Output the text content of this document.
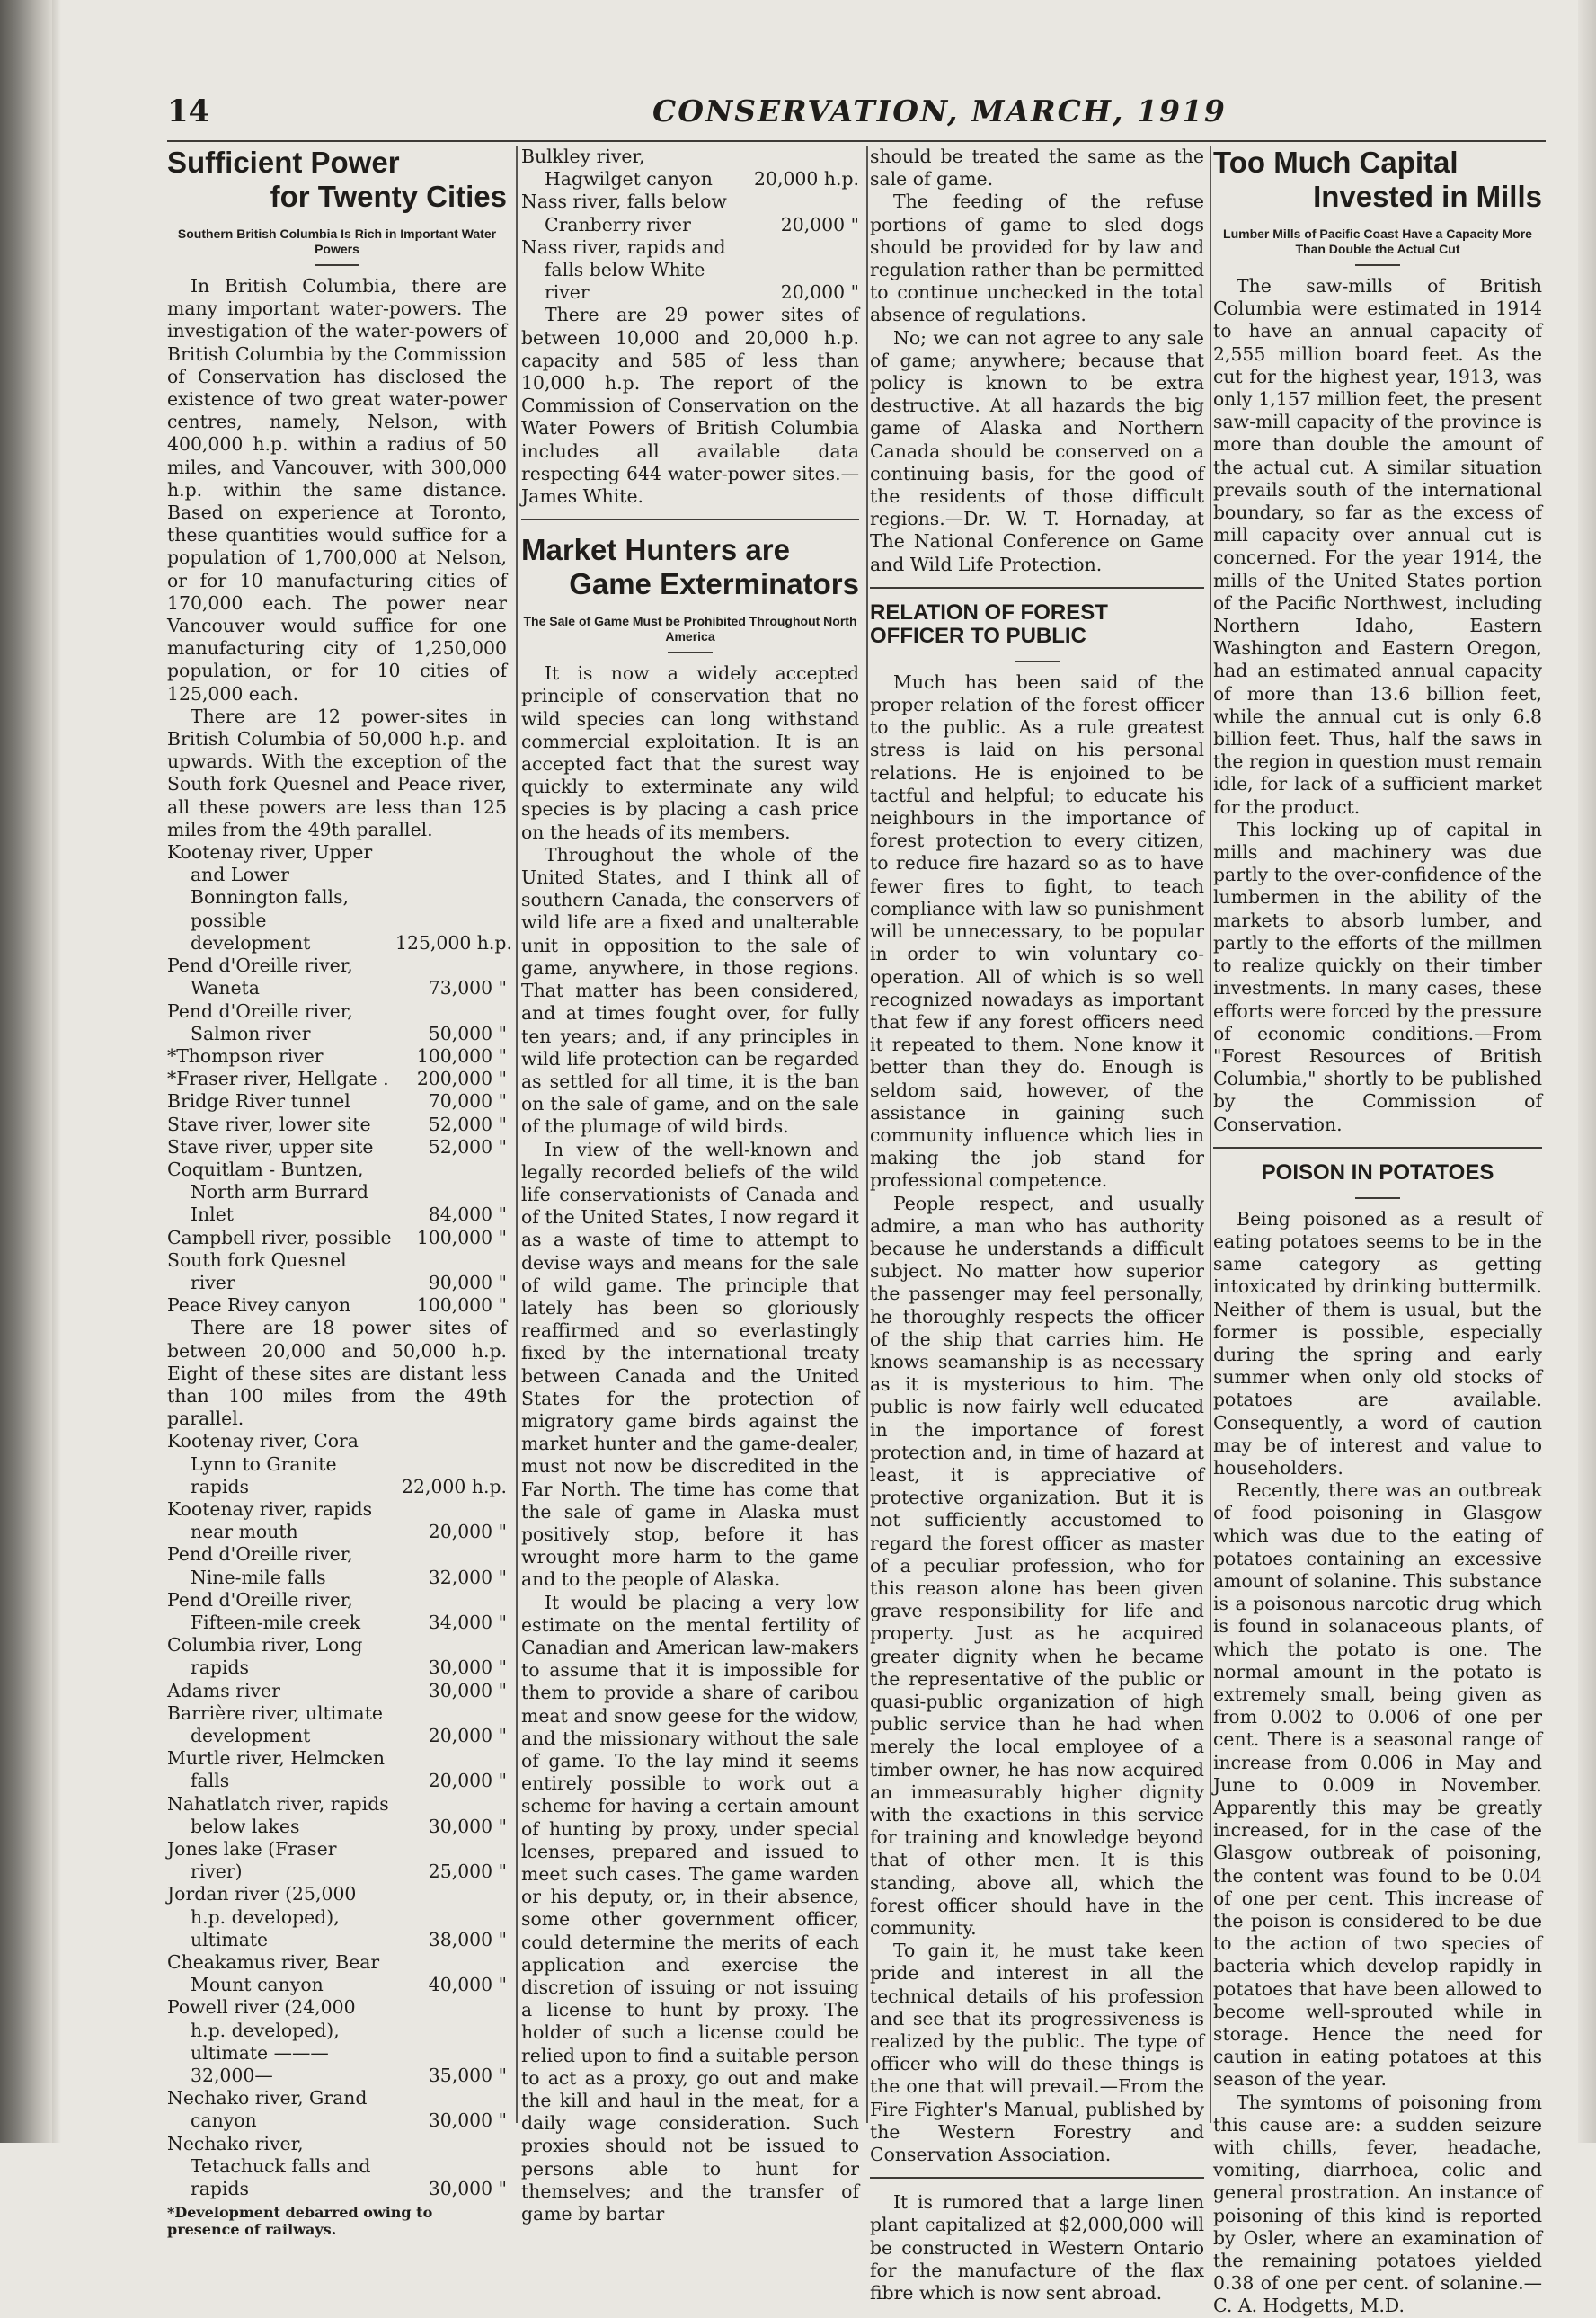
14	CONSERVATION, MARCH, 1919
Sufficient Power
for Twenty Cities
Southern British Columbia Is Rich in Important Water Powers

In British Columbia, there are many important water-powers. The investigation of the water-powers of British Columbia by the Commission of Conservation has disclosed the existence of two great water-power centres, namely, Nelson, with 400,000 h.p. within a radius of 50 miles, and Vancouver, with 300,000 h.p. within the same distance. Based on experience at Toronto, these quantities would suffice for a population of 1,700,000 at Nelson, or for 10 manufacturing cities of 170,000 each. The power near Vancouver would suffice for one manufacturing city of 1,250,000 population, or for 10 cities of 125,000 each.

There are 12 power-sites in British Columbia of 50,000 h.p. and upwards. With the exception of the South fork Quesnel and Peace river, all these powers are less than 125 miles from the 49th parallel.

Kootenay river, Upper and Lower Bonnington falls, possible development	125,000 h.p.
Pend d'Oreille river, Waneta	73,000 "
Pend d'Oreille river, Salmon river	50,000 "
*Thompson river	100,000 "
*Fraser river, Hellgate .	200,000 "
Bridge River tunnel	70,000 "
Stave river, lower site	52,000 "
Stave river, upper site	52,000 "
Coquitlam - Buntzen, North arm Burrard Inlet	84,000 "
Campbell river, possible	100,000 "
South fork Quesnel river	90,000 "
Peace Rivey canyon	100,000 "

There are 18 power sites of between 20,000 and 50,000 h.p. Eight of these sites are distant less than 100 miles from the 49th parallel.

Kootenay river, Cora Lynn to Granite rapids	22,000 h.p.
Kootenay river, rapids near mouth	20,000 "
Pend d'Oreille river, Nine-mile falls	32,000 "
Pend d'Oreille river, Fifteen-mile creek	34,000 "
Columbia river, Long rapids	30,000 "
Adams river	30,000 "
Barrière river, ultimate development	20,000 "
Murtle river, Helmcken falls	20,000 "
Nahatlatch river, rapids below lakes	30,000 "
Jones lake (Fraser river)	25,000 "
Jordan river (25,000 h.p. developed), ultimate	38,000 "
Cheakamus river, Bear Mount canyon	40,000 "
Powell river (24,000 h.p. developed), ultimate ———32,000—	35,000 "
Nechako river, Grand canyon	30,000 "
Nechako river, Tetachuck falls and rapids	30,000 "
*Development debarred owing to presence of railways.
Bulkley river, Hagwilget canyon	20,000 h.p.
Nass river, falls below Cranberry river	20,000 "
Nass river, rapids and falls below White river	20,000 "

There are 29 power sites of between 10,000 and 20,000 h.p. capacity and 585 of less than 10,000 h.p. The report of the Commission of Conservation on the Water Powers of British Columbia includes all available data respecting 644 water-power sites.—James White.

Market Hunters are
Game Exterminators
The Sale of Game Must be Prohibited Throughout North America

It is now a widely accepted principle of conservation that no wild species can long withstand commercial exploitation. It is an accepted fact that the surest way quickly to exterminate any wild species is by placing a cash price on the heads of its members.

Throughout the whole of the United States, and I think all of southern Canada, the conservers of wild life are a fixed and unalterable unit in opposition to the sale of game, anywhere, in those regions. That matter has been considered, and at times fought over, for fully ten years; and, if any principles in wild life protection can be regarded as settled for all time, it is the ban on the sale of game, and on the sale of the plumage of wild birds.

In view of the well-known and legally recorded beliefs of the wild life conservationists of Canada and of the United States, I now regard it as a waste of time to attempt to devise ways and means for the sale of wild game. The principle that lately has been so gloriously reaffirmed and so everlastingly fixed by the international treaty between Canada and the United States for the protection of migratory game birds against the market hunter and the game-dealer, must not now be discredited in the Far North. The time has come that the sale of game in Alaska must positively stop, before it has wrought more harm to the game and to the people of Alaska.

It would be placing a very low estimate on the mental fertility of Canadian and American law-makers to assume that it is impossible for them to provide a share of caribou meat and snow geese for the widow, and the missionary without the sale of game. To the lay mind it seems entirely possible to work out a scheme for having a certain amount of hunting by proxy, under special lcenses, prepared and issued to meet such cases. The game warden or his deputy, or, in their absence, some other government officer, could determine the merits of each application and exercise the discretion of issuing or not issuing a license to hunt by proxy. The holder of such a license could be relied upon to find a suitable person to act as a proxy, go out and make the kill and haul in the meat, for a daily wage consideration. Such proxies should not be issued to persons able to hunt for themselves; and the transfer of game by bartar

should be treated the same as the sale of game.

The feeding of the refuse portions of game to sled dogs should be provided for by law and regulation rather than be permitted to continue unchecked in the total absence of regulations.

No; we can not agree to any sale of game; anywhere; because that policy is known to be extra destructive. At all hazards the big game of Alaska and Northern Canada should be conserved on a continuing basis, for the good of the residents of those difficult regions.—Dr. W. T. Hornaday, at The National Conference on Game and Wild Life Protection.

RELATION OF FOREST OFFICER TO PUBLIC

Much has been said of the proper relation of the forest officer to the public. As a rule greatest stress is laid on his personal relations. He is enjoined to be tactful and helpful; to educate his neighbours in the importance of forest protection to every citizen, to reduce fire hazard so as to have fewer fires to fight, to teach compliance with law so punishment will be unnecessary, to be popular in order to win voluntary co-operation. All of which is so well recognized nowadays as important that few if any forest officers need it repeated to them. None know it better than they do. Enough is seldom said, however, of the assistance in gaining such community influence which lies in making the job stand for professional competence.

People respect, and usually admire, a man who has authority because he understands a difficult subject. No matter how superior the passenger may feel personally, he thoroughly respects the officer of the ship that carries him. He knows seamanship is as necessary as it is mysterious to him. The public is now fairly well educated in the importance of forest protection and, in time of hazard at least, it is appreciative of protective organization. But it is not sufficiently accustomed to regard the forest officer as master of a peculiar profession, who for this reason alone has been given grave responsibility for life and property. Just as he acquired greater dignity when he became the representative of the public or quasi-public organization of high public service than he had when merely the local employee of a timber owner, he has now acquired an immeasurably higher dignity with the exactions in this service for training and knowledge beyond that of other men. It is this standing, above all, which the forest officer should have in the community.

To gain it, he must take keen pride and interest in all the technical details of his profession and see that its progressiveness is realized by the public. The type of officer who will do these things is the one that will prevail.—From the Fire Fighter's Manual, published by the Western Forestry and Conservation Association.

It is rumored that a large linen plant capitalized at $2,000,000 will be constructed in Western Ontario for the manufacture of the flax fibre which is now sent abroad.

Too Much Capital
Invested in Mills
Lumber Mills of Pacific Coast Have a Capacity More Than Double the Actual Cut

The saw-mills of British Columbia were estimated in 1914 to have an annual capacity of 2,555 million board feet. As the cut for the highest year, 1913, was only 1,157 million feet, the present saw-mill capacity of the province is more than double the amount of the actual cut. A similar situation prevails south of the international boundary, so far as the excess of mill capacity over annual cut is concerned. For the year 1914, the mills of the United States portion of the Pacific Northwest, including Northern Idaho, Eastern Washington and Eastern Oregon, had an estimated annual capacity of more than 13.6 billion feet, while the annual cut is only 6.8 billion feet. Thus, half the saws in the region in question must remain idle, for lack of a sufficient market for the product.

This locking up of capital in mills and machinery was due partly to the over-confidence of the lumbermen in the ability of the markets to absorb lumber, and partly to the efforts of the millmen to realize quickly on their timber investments. In many cases, these efforts were forced by the pressure of economic conditions.—From "Forest Resources of British Columbia," shortly to be published by the Commission of Conservation.

POISON IN POTATOES

Being poisoned as a result of eating potatoes seems to be in the same category as getting intoxicated by drinking buttermilk. Neither of them is usual, but the former is possible, especially during the spring and early summer when only old stocks of potatoes are available. Consequently, a word of caution may be of interest and value to householders.

Recently, there was an outbreak of food poisoning in Glasgow which was due to the eating of potatoes containing an excessive amount of solanine. This substance is a poisonous narcotic drug which is found in solanaceous plants, of which the potato is one. The normal amount in the potato is extremely small, being given as from 0.002 to 0.006 of one per cent. There is a seasonal range of increase from 0.006 in May and June to 0.009 in November. Apparently this may be greatly increased, for in the case of the Glasgow outbreak of poisoning, the content was found to be 0.04 of one per cent. This increase of the poison is considered to be due to the action of two species of bacteria which develop rapidly in potatoes that have been allowed to become well-sprouted while in storage. Hence the need for caution in eating potatoes at this season of the year.

The symtoms of poisoning from this cause are: a sudden seizure with chills, fever, headache, vomiting, diarrhoea, colic and general prostration. An instance of poisoning of this kind is reported by Osler, where an examination of the remaining potatoes yielded 0.38 of one per cent. of solanine.—C. A. Hodgetts, M.D.
